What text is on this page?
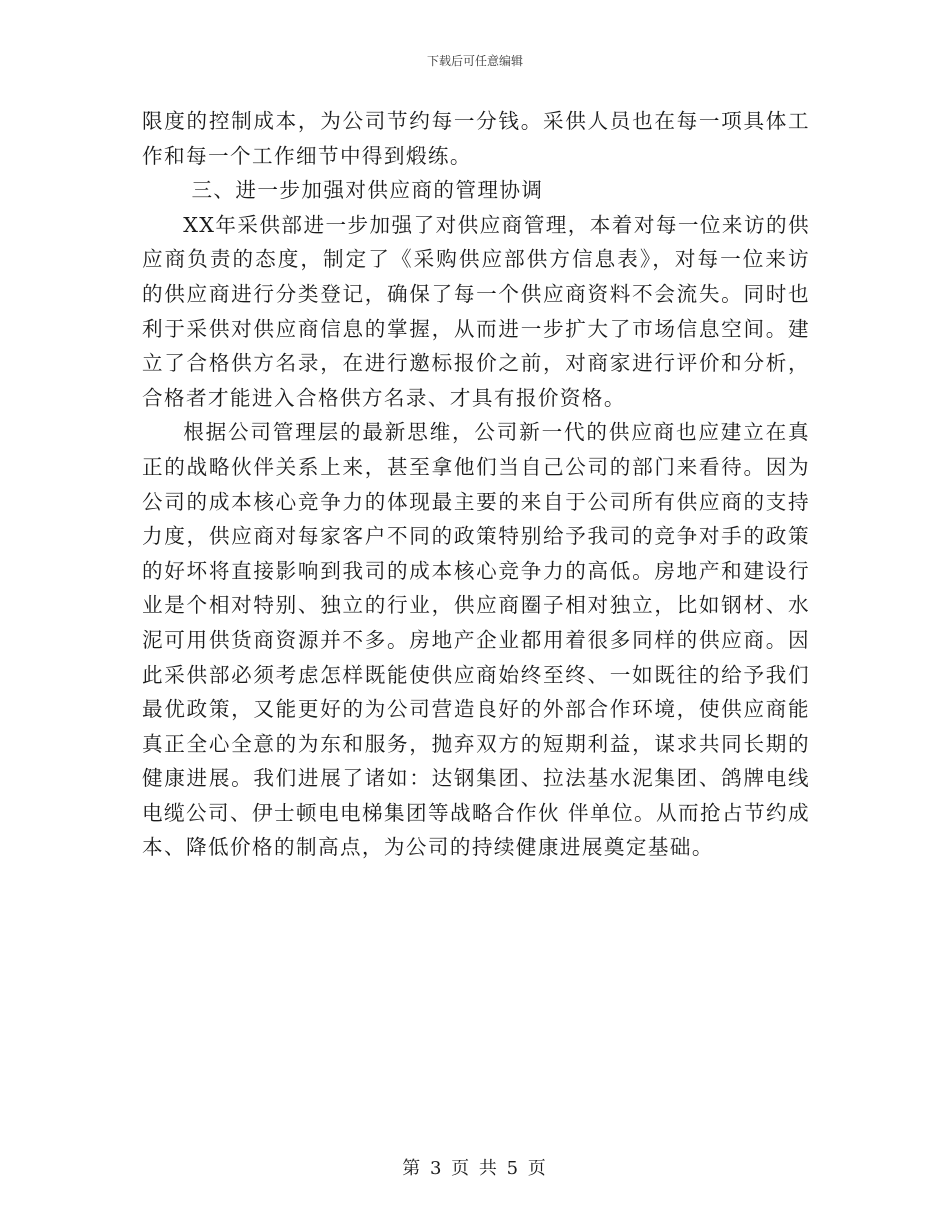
下载后可任意编辑

限度的控制成本，为公司节约每一分钱。采供人员也在每一项具体工作和每一个工作细节中得到煅练。

三、进一步加强对供应商的管理协调

XX年采供部进一步加强了对供应商管理，本着对每一位来访的供应商负责的态度，制定了《采购供应部供方信息表》，对每一位来访的供应商进行分类登记，确保了每一个供应商资料不会流失。同时也利于采供对供应商信息的掌握，从而进一步扩大了市场信息空间。建立了合格供方名录，在进行邀标报价之前，对商家进行评价和分析，合格者才能进入合格供方名录、才具有报价资格。

根据公司管理层的最新思维，公司新一代的供应商也应建立在真正的战略伙伴关系上来，甚至拿他们当自己公司的部门来看待。因为公司的成本核心竞争力的体现最主要的来自于公司所有供应商的支持力度，供应商对每家客户不同的政策特别给予我司的竞争对手的政策的好坏将直接影响到我司的成本核心竞争力的高低。房地产和建设行业是个相对特别、独立的行业，供应商圈子相对独立，比如钢材、水泥可用供货商资源并不多。房地产企业都用着很多同样的供应商。因此采供部必须考虑怎样既能使供应商始终至终、一如既往的给予我们最优政策，又能更好的为公司营造良好的外部合作环境，使供应商能真正全心全意的为东和服务，抛弃双方的短期利益，谋求共同长期的健康进展。我们进展了诸如：达钢集团、拉法基水泥集团、鸽牌电线电缆公司、伊士顿电电梯集团等战略合作伙 伴单位。从而抢占节约成本、降低价格的制高点，为公司的持续健康进展奠定基础。

第 3 页 共 5 页
